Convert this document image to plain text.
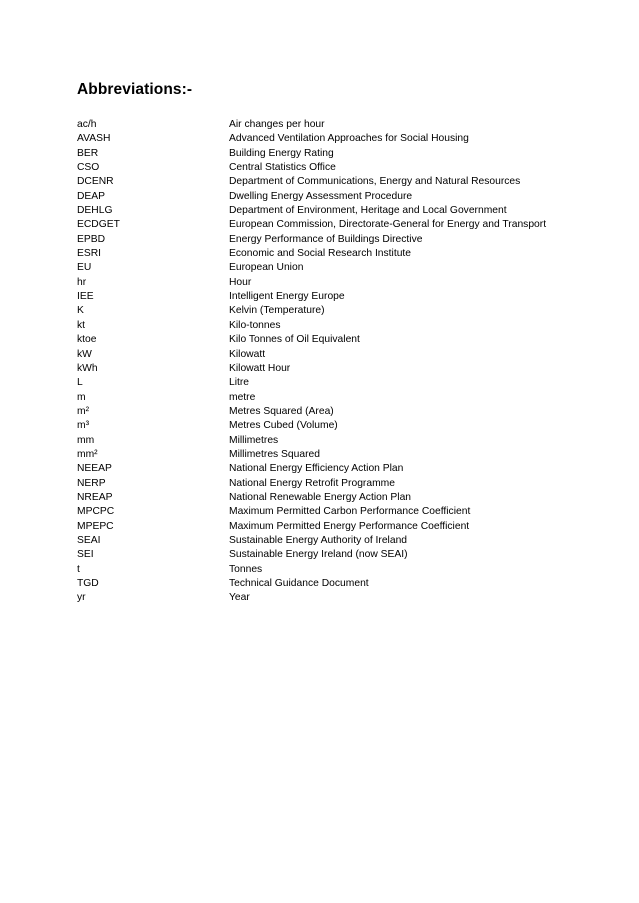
Abbreviations:-
ac/h	Air changes per hour
AVASH	Advanced Ventilation Approaches for Social Housing
BER	Building Energy Rating
CSO	Central Statistics Office
DCENR	Department of Communications, Energy and Natural Resources
DEAP	Dwelling Energy Assessment Procedure
DEHLG	Department of Environment, Heritage and Local Government
ECDGET	European Commission, Directorate-General for Energy and Transport
EPBD	Energy Performance of Buildings Directive
ESRI	Economic and Social Research Institute
EU	European Union
hr	Hour
IEE	Intelligent Energy Europe
K	Kelvin (Temperature)
kt	Kilo-tonnes
ktoe	Kilo Tonnes of Oil Equivalent
kW	Kilowatt
kWh	Kilowatt Hour
L	Litre
m	metre
m²	Metres Squared (Area)
m³	Metres Cubed (Volume)
mm	Millimetres
mm²	Millimetres Squared
NEEAP	National Energy Efficiency Action Plan
NERP	National Energy Retrofit Programme
NREAP	National Renewable Energy Action Plan
MPCPC	Maximum Permitted Carbon Performance Coefficient
MPEPC	Maximum Permitted Energy Performance Coefficient
SEAI	Sustainable Energy Authority of Ireland
SEI	Sustainable Energy Ireland (now SEAI)
t	Tonnes
TGD	Technical Guidance Document
yr	Year
